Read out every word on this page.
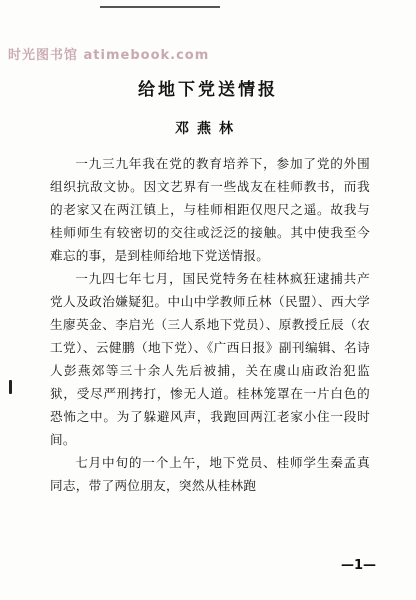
时光图书馆 atimebook.com
给地下党送情报
邓燕林

一九三九年我在党的教育培养下，参加了党的外围组织抗敌文协。因文艺界有一些战友在桂师教书，而我的老家又在两江镇上，与桂师相距仅咫尺之遥。故我与桂师师生有较密切的交往或泛泛的接触。其中使我至今难忘的事，是到桂师给地下党送情报。

一九四七年七月，国民党特务在桂林疯狂逮捕共产党人及政治嫌疑犯。中山中学教师丘林（民盟）、西大学生廖英金、李启光（三人系地下党员）、原教授丘辰（农工党）、云健鹏（地下党）、《广西日报》副刊编辑、名诗人彭燕郊等三十余人先后被捕，关在虞山庙政治犯监狱，受尽严刑拷打，惨无人道。桂林笼罩在一片白色的恐怖之中。为了躲避风声，我跑回两江老家小住一段时间。

七月中旬的一个上午，地下党员、桂师学生秦孟真同志，带了两位朋友，突然从桂林跑

—1—
